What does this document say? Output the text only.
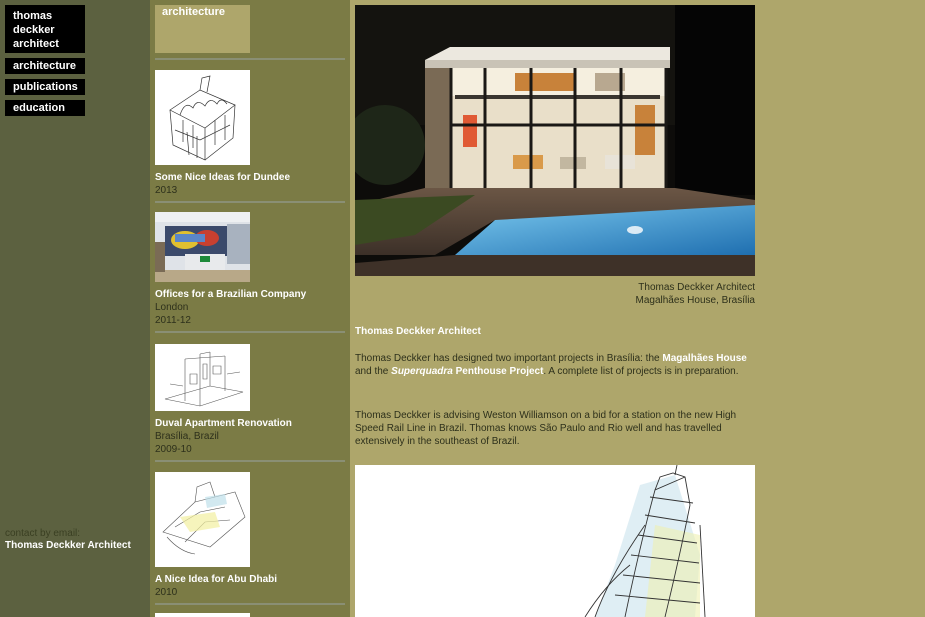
thomas
deckker
architect
architecture
publications
education
contact by email:
Thomas Deckker Architect
architecture
Some Nice Ideas for Dundee
2013
Offices for a Brazilian Company
London
2011-12
Duval Apartment Renovation
Brasília, Brazil
2009-10
A Nice Idea for Abu Dhabi
2010
Thomas Deckker Architect
Magalhães House, Brasília
Thomas Deckker Architect
Thomas Deckker has designed two important projects in Brasília: the Magalhães House and the Superquadra Penthouse Project. A complete list of projects is in preparation.
Thomas Deckker is advising Weston Williamson on a bid for a station on the new High Speed Rail Line in Brazil. Thomas knows São Paulo and Rio well and has travelled extensively in the southeast of Brazil.
